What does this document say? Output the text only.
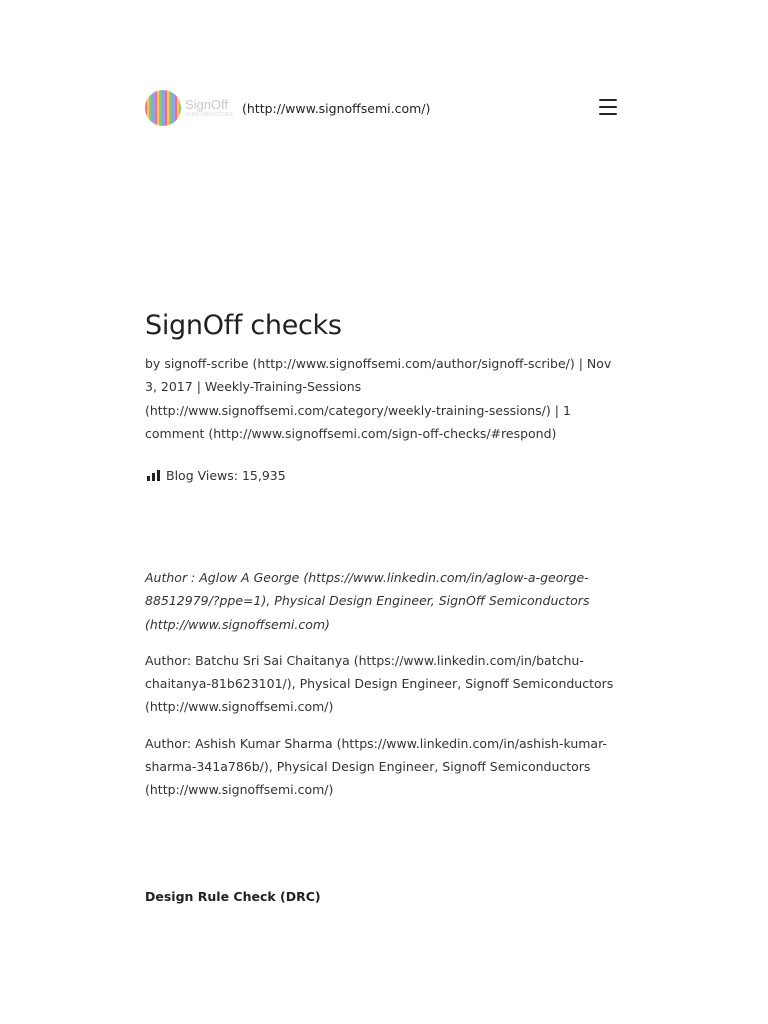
SignOff
SEMICONDUCTORS (http://www.signoffsemi.com/)
SignOff checks

by signoff-scribe (http://www.signoffsemi.com/author/signoff-scribe/) | Nov 3, 2017 | Weekly-Training-Sessions (http://www.signoffsemi.com/category/weekly-training-sessions/) | 1 comment (http://www.signoffsemi.com/sign-off-checks/#respond)

Blog Views: 15,935

Author : Aglow A George (https://www.linkedin.com/in/aglow-a-george-88512979/?ppe=1), Physical Design Engineer, SignOff Semiconductors (http://www.signoffsemi.com)

Author: Batchu Sri Sai Chaitanya (https://www.linkedin.com/in/batchu-chaitanya-81b623101/), Physical Design Engineer, Signoff Semiconductors (http://www.signoffsemi.com/)

Author: Ashish Kumar Sharma (https://www.linkedin.com/in/ashish-kumar-sharma-341a786b/), Physical Design Engineer, Signoff Semiconductors (http://www.signoffsemi.com/)

Design Rule Check (DRC)
